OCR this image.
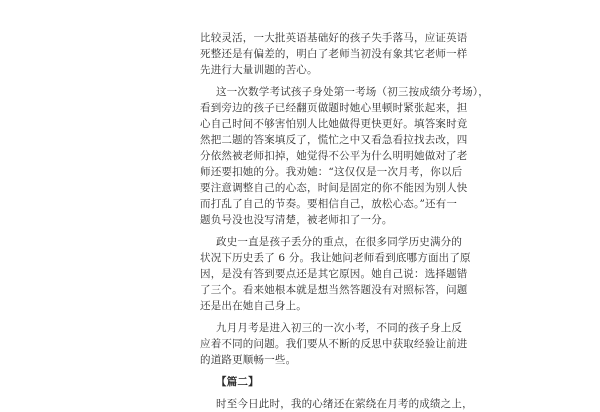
比较灵活，一大批英语基础好的孩子失手落马，应证英语
死整还是有偏差的，明白了老师当初没有象其它老师一样
先进行大量训题的苦心。
这一次数学考试孩子身处第一考场（初三按成绩分考场），
看到旁边的孩子已经翻页做题时她心里顿时紧张起来，担
心自己时间不够害怕别人比她做得更快更好。填答案时竟
然把二题的答案填反了，慌忙之中又看急看拉找去改，四
分依然被老师扣掉，她觉得不公平为什么明明她做对了老
师还要扣她的分。我劝她：“这仅仅是一次月考，你以后
要注意调整自己的心态，时间是固定的你不能因为别人快
而打乱了自己的节奏。要相信自己，放松心态。”还有一
题负号没也没写清楚，被老师扣了一分。
政史一直是孩子丢分的重点，在很多同学历史满分的
状况下历史丢了 6 分。我让她问老师看到底哪方面出了原
因，是没有答到要点还是其它原因。她自己说：选择题错
了三个。看来她根本就是想当然答题没有对照标答，问题
还是出在她自己身上。
九月月考是进入初三的一次小考，不同的孩子身上反
应着不同的问题。我们要从不断的反思中获取经验让前进
的道路更顺畅一些。
【篇二】
时至今日此时，我的心绪还在萦绕在月考的成绩之上，
